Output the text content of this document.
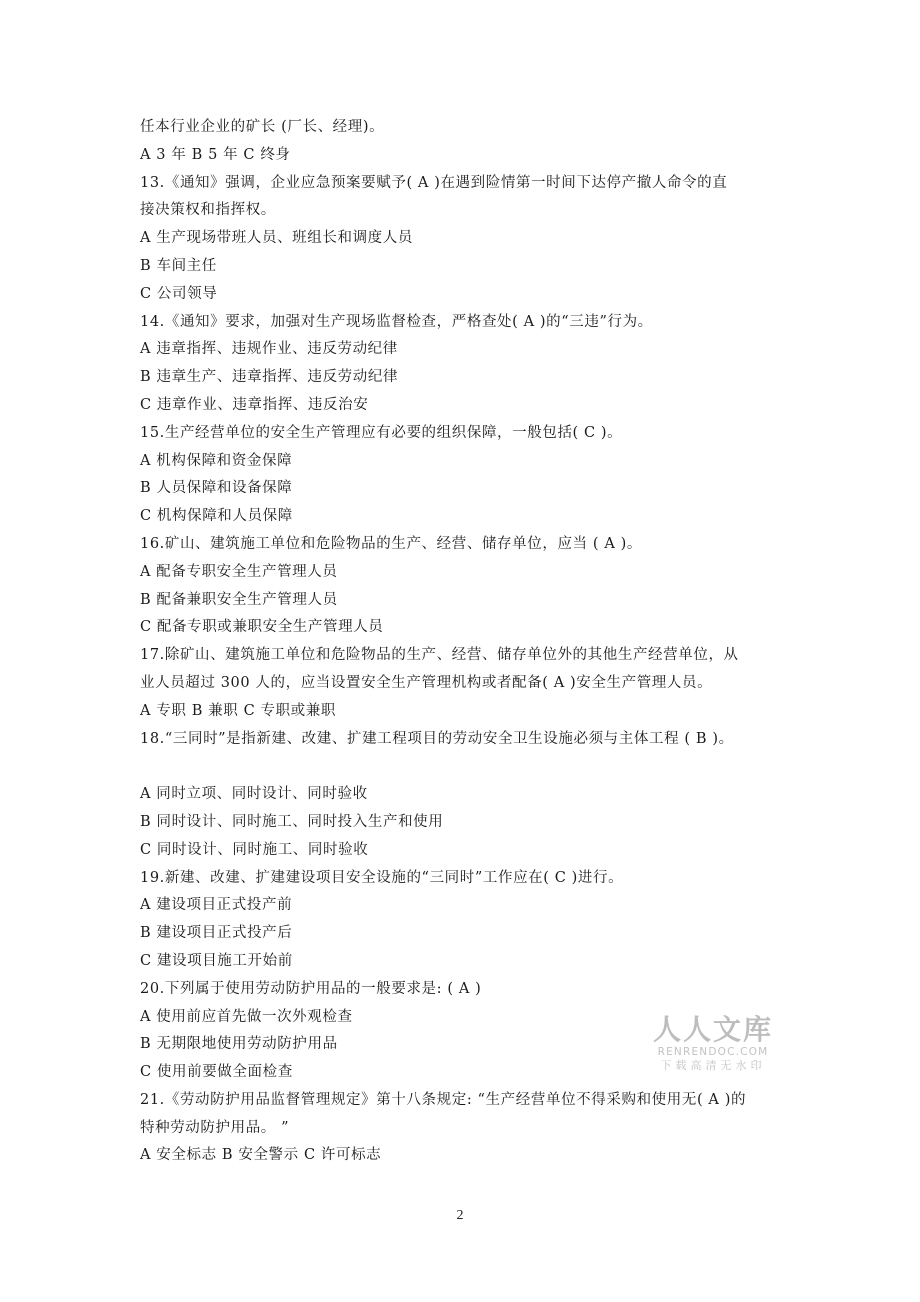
任本行业企业的矿长 (厂长、经理)。
A 3 年 B 5 年 C 终身
13.《通知》强调，企业应急预案要赋予( A )在遇到险情第一时间下达停产撤人命令的直
接决策权和指挥权。
A 生产现场带班人员、班组长和调度人员
B 车间主任
C 公司领导
14.《通知》要求，加强对生产现场监督检查，严格查处( A )的“三违”行为。
A 违章指挥、违规作业、违反劳动纪律
B 违章生产、违章指挥、违反劳动纪律
C 违章作业、违章指挥、违反治安
15.生产经营单位的安全生产管理应有必要的组织保障，一般包括( C )。
A 机构保障和资金保障
B 人员保障和设备保障
C 机构保障和人员保障
16.矿山、建筑施工单位和危险物品的生产、经营、储存单位，应当 ( A )。
A 配备专职安全生产管理人员
B 配备兼职安全生产管理人员
C 配备专职或兼职安全生产管理人员
17.除矿山、建筑施工单位和危险物品的生产、经营、储存单位外的其他生产经营单位，从
业人员超过 300 人的，应当设置安全生产管理机构或者配备( A )安全生产管理人员。
A 专职 B 兼职 C 专职或兼职
18.“三同时”是指新建、改建、扩建工程项目的劳动安全卫生设施必须与主体工程 ( B )。
A 同时立项、同时设计、同时验收
B 同时设计、同时施工、同时投入生产和使用
C 同时设计、同时施工、同时验收
19.新建、改建、扩建建设项目安全设施的“三同时”工作应在( C )进行。
A 建设项目正式投产前
B 建设项目正式投产后
C 建设项目施工开始前
20.下列属于使用劳动防护用品的一般要求是: ( A )
A 使用前应首先做一次外观检查
B 无期限地使用劳动防护用品
C 使用前要做全面检查
21.《劳动防护用品监督管理规定》第十八条规定: “生产经营单位不得采购和使用无( A )的
特种劳动防护用品。 ”
A 安全标志 B 安全警示 C 许可标志
人人文库
RENRENDOC.COM
下载高清无水印
2
